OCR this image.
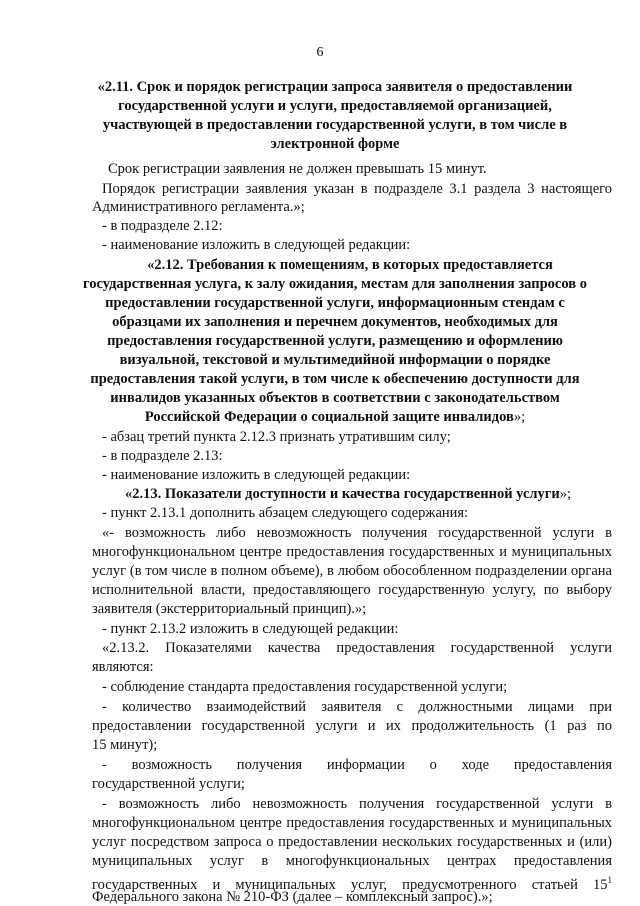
6
«2.11. Срок и порядок регистрации запроса заявителя о предоставлении
государственной услуги и услуги, предоставляемой организацией,
участвующей в предоставлении государственной услуги, в том числе в
электронной форме
Срок регистрации заявления не должен превышать 15 минут.
Порядок регистрации заявления указан в подразделе 3.1 раздела 3 настоящего
Административного регламента.»;
- в подразделе 2.12:
- наименование изложить в следующей редакции:
«2.12. Требования к помещениям, в которых предоставляется
государственная услуга, к залу ожидания, местам для заполнения запросов о
предоставлении государственной услуги, информационным стендам с
образцами их заполнения и перечнем документов, необходимых для
предоставления государственной услуги, размещению и оформлению
визуальной, текстовой и мультимедийной информации о порядке
предоставления такой услуги, в том числе к обеспечению доступности для
инвалидов указанных объектов в соответствии с законодательством
Российской Федерации о социальной защите инвалидов»;
- абзац третий пункта 2.12.3 признать утратившим силу;
- в подразделе 2.13:
- наименование изложить в следующей редакции:
«2.13. Показатели доступности и качества государственной услуги»;
- пункт 2.13.1 дополнить абзацем следующего содержания:
«- возможность либо невозможность получения государственной услуги в
многофункциональном центре предоставления государственных и муниципальных
услуг (в том числе в полном объеме), в любом обособленном подразделении органа
исполнительной власти, предоставляющего государственную услугу, по выбору
заявителя (экстерриториальный принцип).»;
- пункт 2.13.2 изложить в следующей редакции:
«2.13.2. Показателями качества предоставления государственной услуги
являются:
- соблюдение стандарта предоставления государственной услуги;
- количество взаимодействий заявителя с должностными лицами при
предоставлении государственной услуги и их продолжительность (1 раз по
15 минут);
- возможность получения информации о ходе предоставления
государственной услуги;
- возможность либо невозможность получения государственной услуги в
многофункциональном центре предоставления государственных и муниципальных
услуг посредством запроса о предоставлении нескольких государственных и (или)
муниципальных услуг в многофункциональных центрах предоставления
государственных и муниципальных услуг, предусмотренного статьей $15^1$
Федерального закона № 210-ФЗ (далее – комплексный запрос).»;
